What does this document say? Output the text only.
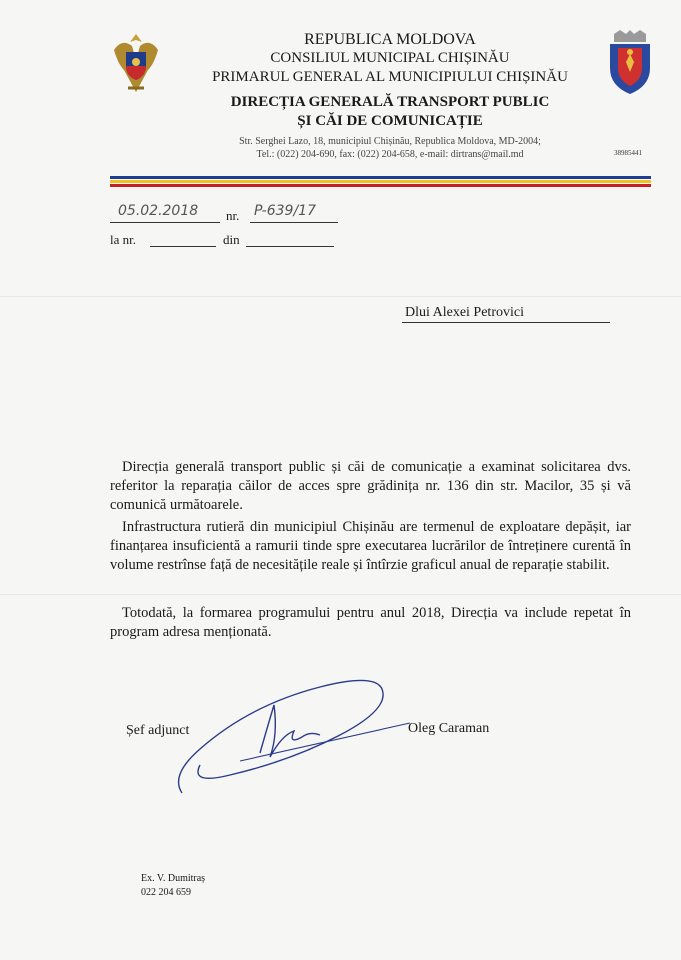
REPUBLICA MOLDOVA
CONSILIUL MUNICIPAL CHIȘINĂU
PRIMARUL GENERAL AL MUNICIPIULUI CHIȘINĂU
DIRECȚIA GENERALĂ TRANSPORT PUBLIC
ȘI CĂI DE COMUNICAȚIE
Str. Serghei Lazo, 18, municipiul Chișinău, Republica Moldova, MD-2004;
Tel.: (022) 204-690, fax: (022) 204-658, e-mail: dirtrans@mail.md	38985441
05.02.2018 nr. P-639/17
la nr.	din
Dlui Alexei Petrovici

Direcția generală transport public și căi de comunicație a examinat solicitarea dvs. referitor la reparația căilor de acces spre grădinița nr. 136 din str. Macilor, 35 și vă comunică următoarele.

Infrastructura rutieră din municipiul Chișinău are termenul de exploatare depășit, iar finanțarea insuficientă a ramurii tinde spre executarea lucrărilor de întreținere curentă în volume restrînse față de necesitățile reale și întîrzie graficul anual de reparație stabilit.

Totodată, la formarea programului pentru anul 2018, Direcția va include repetat în program adresa menționată.

Șef adjunct	Oleg Caraman
Ex. V. Dumitraș
022 204 659
